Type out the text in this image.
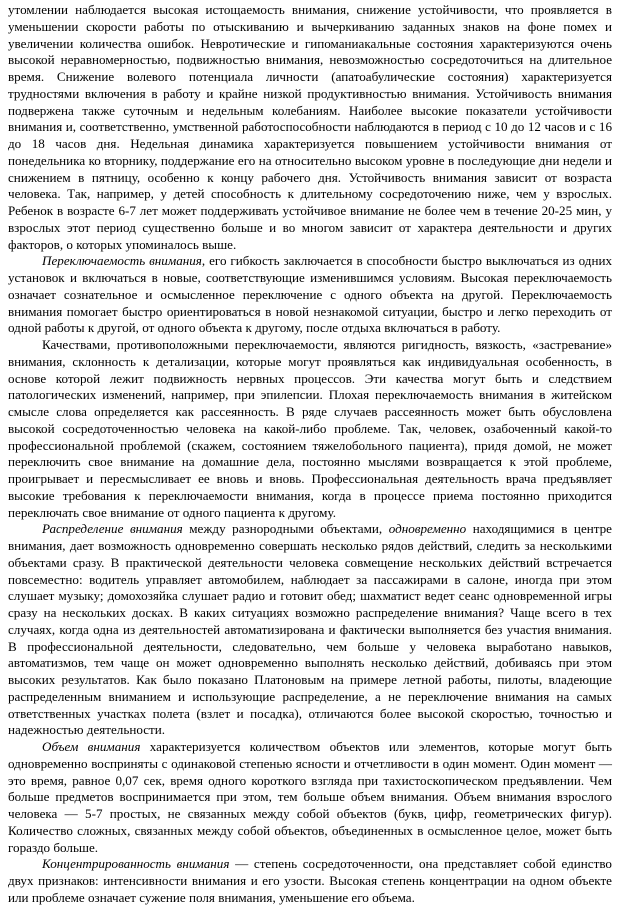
утомлении наблюдается высокая истощаемость внимания, снижение устойчивости, что проявляется в уменьшении скорости работы по отыскиванию и вычеркиванию заданных знаков на фоне помех и увеличении количества ошибок. Невротические и гипоманиакальные состояния характеризуются очень высокой неравномерностью, подвижностью внимания, невозможностью сосредоточиться на длительное время. Снижение волевого потенциала личности (апатоабулические состояния) характеризуется трудностями включения в работу и крайне низкой продуктивностью внимания. Устойчивость внимания подвержена также суточным и недельным колебаниям. Наиболее высокие показатели устойчивости внимания и, соответственно, умственной работоспособности наблюдаются в период с 10 до 12 часов и с 16 до 18 часов дня. Недельная динамика характеризуется повышением устойчивости внимания от понедельника ко вторнику, поддержание его на относительно высоком уровне в последующие дни недели и снижением в пятницу, особенно к концу рабочего дня. Устойчивость внимания зависит от возраста человека. Так, например, у детей способность к длительному сосредоточению ниже, чем у взрослых. Ребенок в возрасте 6-7 лет может поддерживать устойчивое внимание не более чем в течение 20-25 мин, у взрослых этот период существенно больше и во многом зависит от характера деятельности и других факторов, о которых упоминалось выше.

Переключаемость внимания, его гибкость заключается в способности быстро выключаться из одних установок и включаться в новые, соответствующие изменившимся условиям. Высокая переключаемость означает сознательное и осмысленное переключение с одного объекта на другой. Переключаемость внимания помогает быстро ориентироваться в новой незнакомой ситуации, быстро и легко переходить от одной работы к другой, от одного объекта к другому, после отдыха включаться в работу.

Качествами, противоположными переключаемости, являются ригидность, вязкость, «застревание» внимания, склонность к детализации, которые могут проявляться как индивидуальная особенность, в основе которой лежит подвижность нервных процессов. Эти качества могут быть и следствием патологических изменений, например, при эпилепсии. Плохая переключаемость внимания в житейском смысле слова определяется как рассеянность. В ряде случаев рассеянность может быть обусловлена высокой сосредоточенностью человека на какой-либо проблеме. Так, человек, озабоченный какой-то профессиональной проблемой (скажем, состоянием тяжелобольного пациента), придя домой, не может переключить свое внимание на домашние дела, постоянно мыслями возвращается к этой проблеме, проигрывает и пересмысливает ее вновь и вновь. Профессиональная деятельность врача предъявляет высокие требования к переключаемости внимания, когда в процессе приема постоянно приходится переключать свое внимание от одного пациента к другому.

Распределение внимания между разнородными объектами, одновременно находящимися в центре внимания, дает возможность одновременно совершать несколько рядов действий, следить за несколькими объектами сразу. В практической деятельности человека совмещение нескольких действий встречается повсеместно: водитель управляет автомобилем, наблюдает за пассажирами в салоне, иногда при этом слушает музыку; домохозяйка слушает радио и готовит обед; шахматист ведет сеанс одновременной игры сразу на нескольких досках. В каких ситуациях возможно распределение внимания? Чаще всего в тех случаях, когда одна из деятельностей автоматизирована и фактически выполняется без участия внимания. В профессиональной деятельности, следовательно, чем больше у человека выработано навыков, автоматизмов, тем чаще он может одновременно выполнять несколько действий, добиваясь при этом высоких результатов. Как было показано Платоновым на примере летной работы, пилоты, владеющие распределенным вниманием и использующие распределение, а не переключение внимания на самых ответственных участках полета (взлет и посадка), отличаются более высокой скоростью, точностью и надежностью деятельности.

Объем внимания характеризуется количеством объектов или элементов, которые могут быть одновременно восприняты с одинаковой степенью ясности и отчетливости в один момент. Один момент — это время, равное 0,07 сек, время одного короткого взгляда при тахистоскопическом предъявлении. Чем больше предметов воспринимается при этом, тем больше объем внимания. Объем внимания взрослого человека — 5-7 простых, не связанных между собой объектов (букв, цифр, геометрических фигур). Количество сложных, связанных между собой объектов, объединенных в осмысленное целое, может быть гораздо больше.

Концентрированность внимания — степень сосредоточенности, она представляет собой единство двух признаков: интенсивности внимания и его узости. Высокая степень концентрации на одном объекте или проблеме означает сужение поля внимания, уменьшение его объема.
